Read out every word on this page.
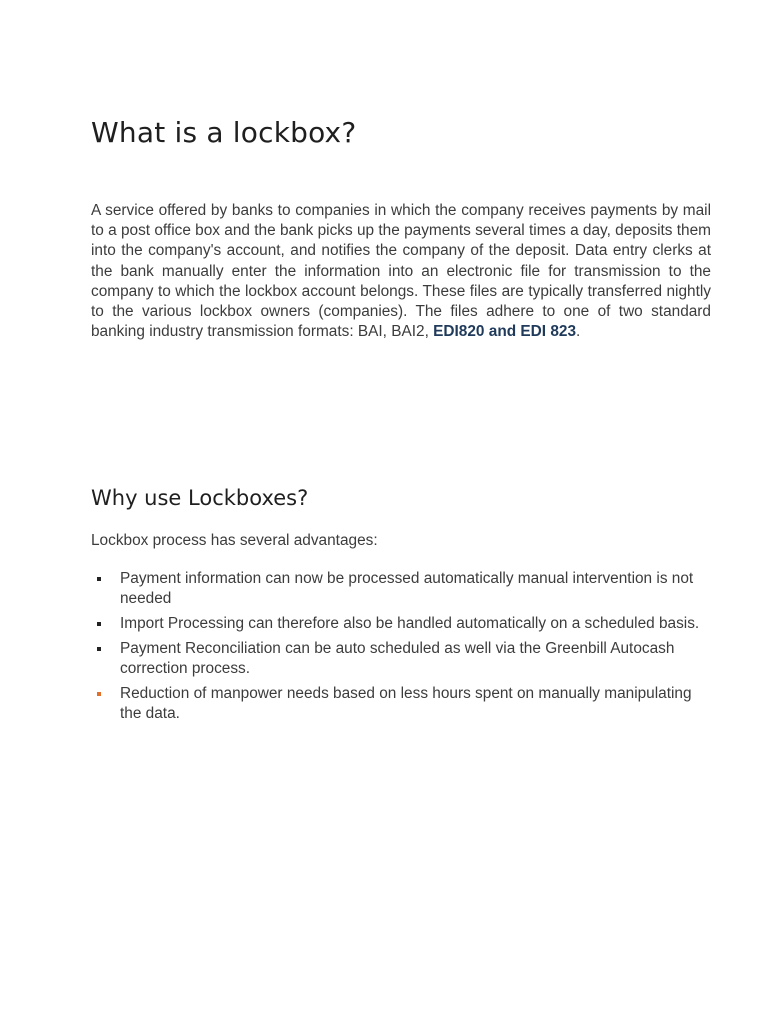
What is a lockbox?

A service offered by banks to companies in which the company receives payments by mail to a post office box and the bank picks up the payments several times a day, deposits them into the company's account, and notifies the company of the deposit. Data entry clerks at the bank manually enter the information into an electronic file for transmission to the company to which the lockbox account belongs. These files are typically transferred nightly to the various lockbox owners (companies). The files adhere to one of two standard banking industry transmission formats: BAI, BAI2, EDI820 and EDI 823.

Why use Lockboxes?

Lockbox process has several advantages:

Payment information can now be processed automatically manual intervention is not needed
Import Processing can therefore also be handled automatically on a scheduled basis.
Payment Reconciliation can be auto scheduled as well via the Greenbill Autocash correction process.
Reduction of manpower needs based on less hours spent on manually manipulating the data.
